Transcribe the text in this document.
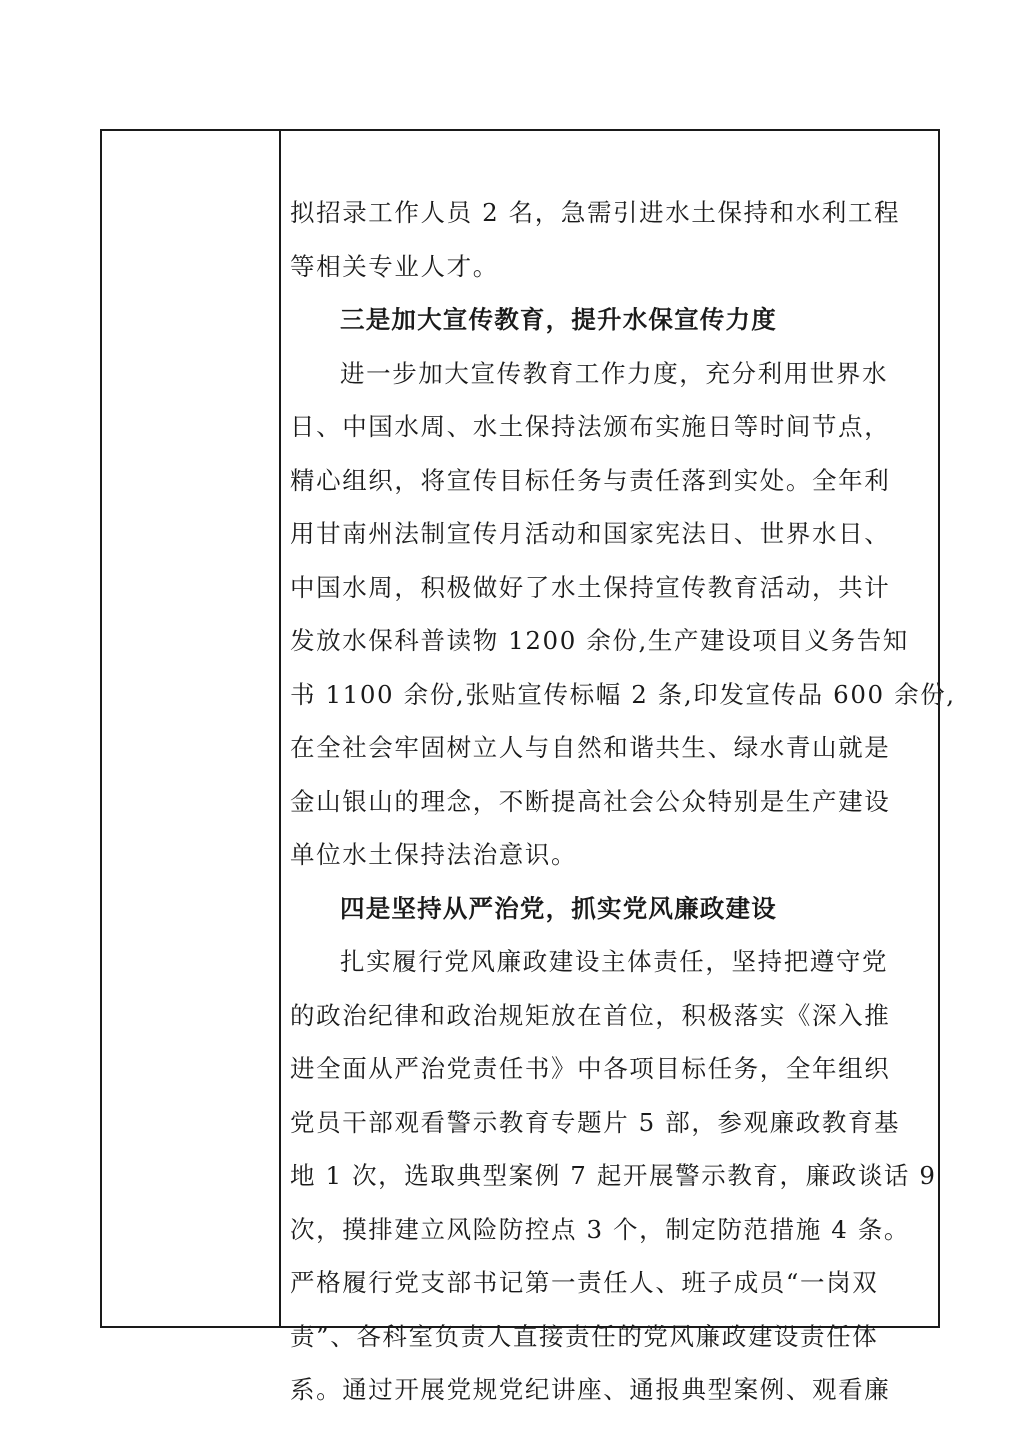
拟招录工作人员 2 名，急需引进水土保持和水利工程
等相关专业人才。
三是加大宣传教育，提升水保宣传力度
进一步加大宣传教育工作力度，充分利用世界水
日、中国水周、水土保持法颁布实施日等时间节点，
精心组织，将宣传目标任务与责任落到实处。全年利
用甘南州法制宣传月活动和国家宪法日、世界水日、
中国水周，积极做好了水土保持宣传教育活动，共计
发放水保科普读物 1200 余份,生产建设项目义务告知
书 1100 余份,张贴宣传标幅 2 条,印发宣传品 600 余份,
在全社会牢固树立人与自然和谐共生、绿水青山就是
金山银山的理念，不断提高社会公众特别是生产建设
单位水土保持法治意识。
四是坚持从严治党，抓实党风廉政建设
扎实履行党风廉政建设主体责任，坚持把遵守党
的政治纪律和政治规矩放在首位，积极落实《深入推
进全面从严治党责任书》中各项目标任务，全年组织
党员干部观看警示教育专题片 5 部，参观廉政教育基
地 1 次，选取典型案例 7 起开展警示教育，廉政谈话 9
次，摸排建立风险防控点 3 个，制定防范措施 4 条。
严格履行党支部书记第一责任人、班子成员“一岗双
责”、各科室负责人直接责任的党风廉政建设责任体
系。通过开展党规党纪讲座、通报典型案例、观看廉
